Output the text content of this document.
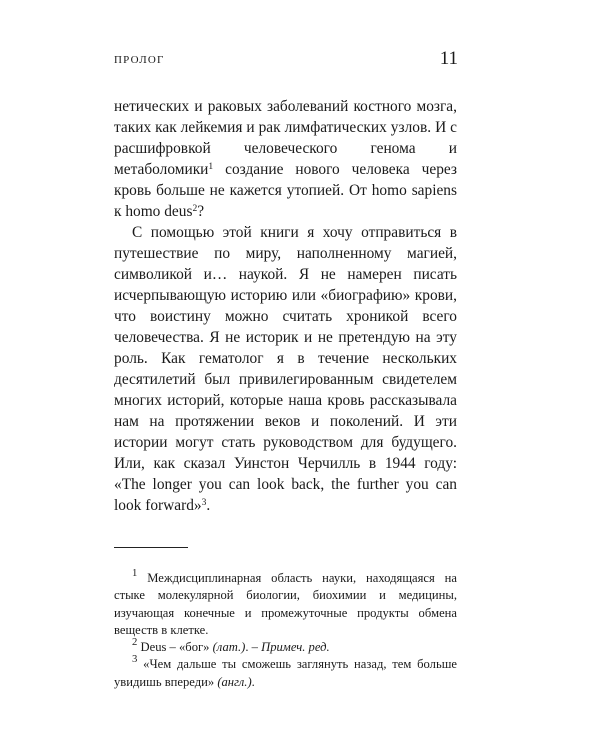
ПРОЛОГ	11

нетических и раковых заболеваний костного мозга, таких как лейкемия и рак лимфатических узлов. И с расшифровкой человеческого генома и метаболомики$^1$ создание нового человека через кровь больше не кажется утопией. От homo sapiens к homo deus$^2$?

С помощью этой книги я хочу отправиться в путешествие по миру, наполненному магией, символикой и… наукой. Я не намерен писать исчерпывающую историю или «биографию» крови, что воистину можно считать хроникой всего человечества. Я не историк и не претендую на эту роль. Как гематолог я в течение нескольких десятилетий был привилегированным свидетелем многих историй, которые наша кровь рассказывала нам на протяжении веков и поколений. И эти истории могут стать руководством для будущего. Или, как сказал Уинстон Черчилль в 1944 году: «The longer you can look back, the further you can look forward»$^3$.

$^1$ Междисциплинарная область науки, находящаяся на стыке молекулярной биологии, биохимии и медицины, изучающая конечные и промежуточные продукты обмена веществ в клетке.

$^2$ Deus – «бог» (лат.). – Примеч. ред.

$^3$ «Чем дальше ты сможешь заглянуть назад, тем больше увидишь впереди» (англ.).
